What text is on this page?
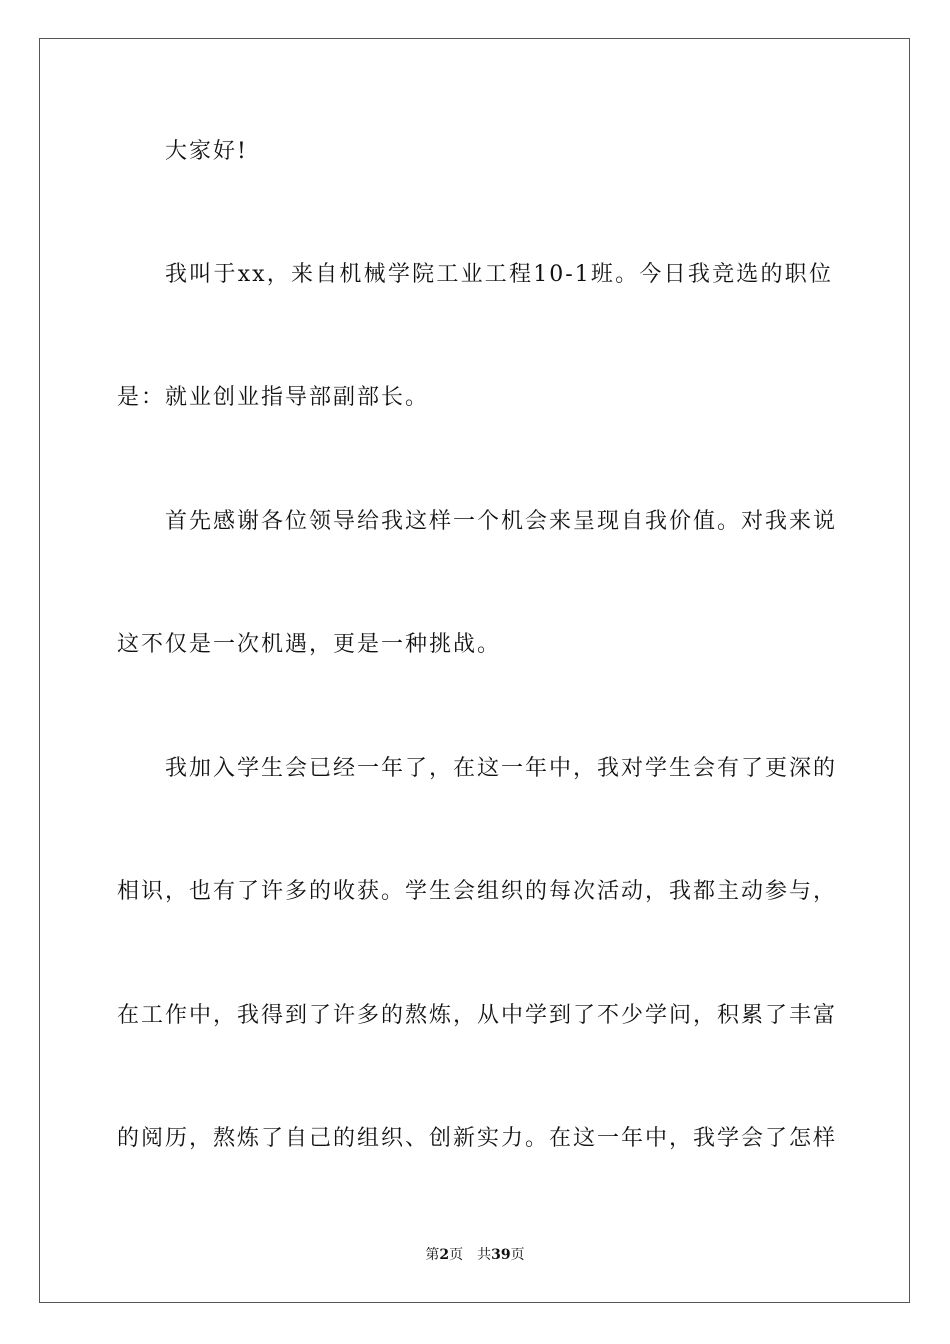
大家好!
我叫于xx，来自机械学院工业工程10-1班。今日我竞选的职位
是：就业创业指导部副部长。
首先感谢各位领导给我这样一个机会来呈现自我价值。对我来说
这不仅是一次机遇，更是一种挑战。
我加入学生会已经一年了，在这一年中，我对学生会有了更深的
相识，也有了许多的收获。学生会组织的每次活动，我都主动参与，
在工作中，我得到了许多的熬炼，从中学到了不少学问，积累了丰富
的阅历，熬炼了自己的组织、创新实力。在这一年中，我学会了怎样
第2页 共39页
